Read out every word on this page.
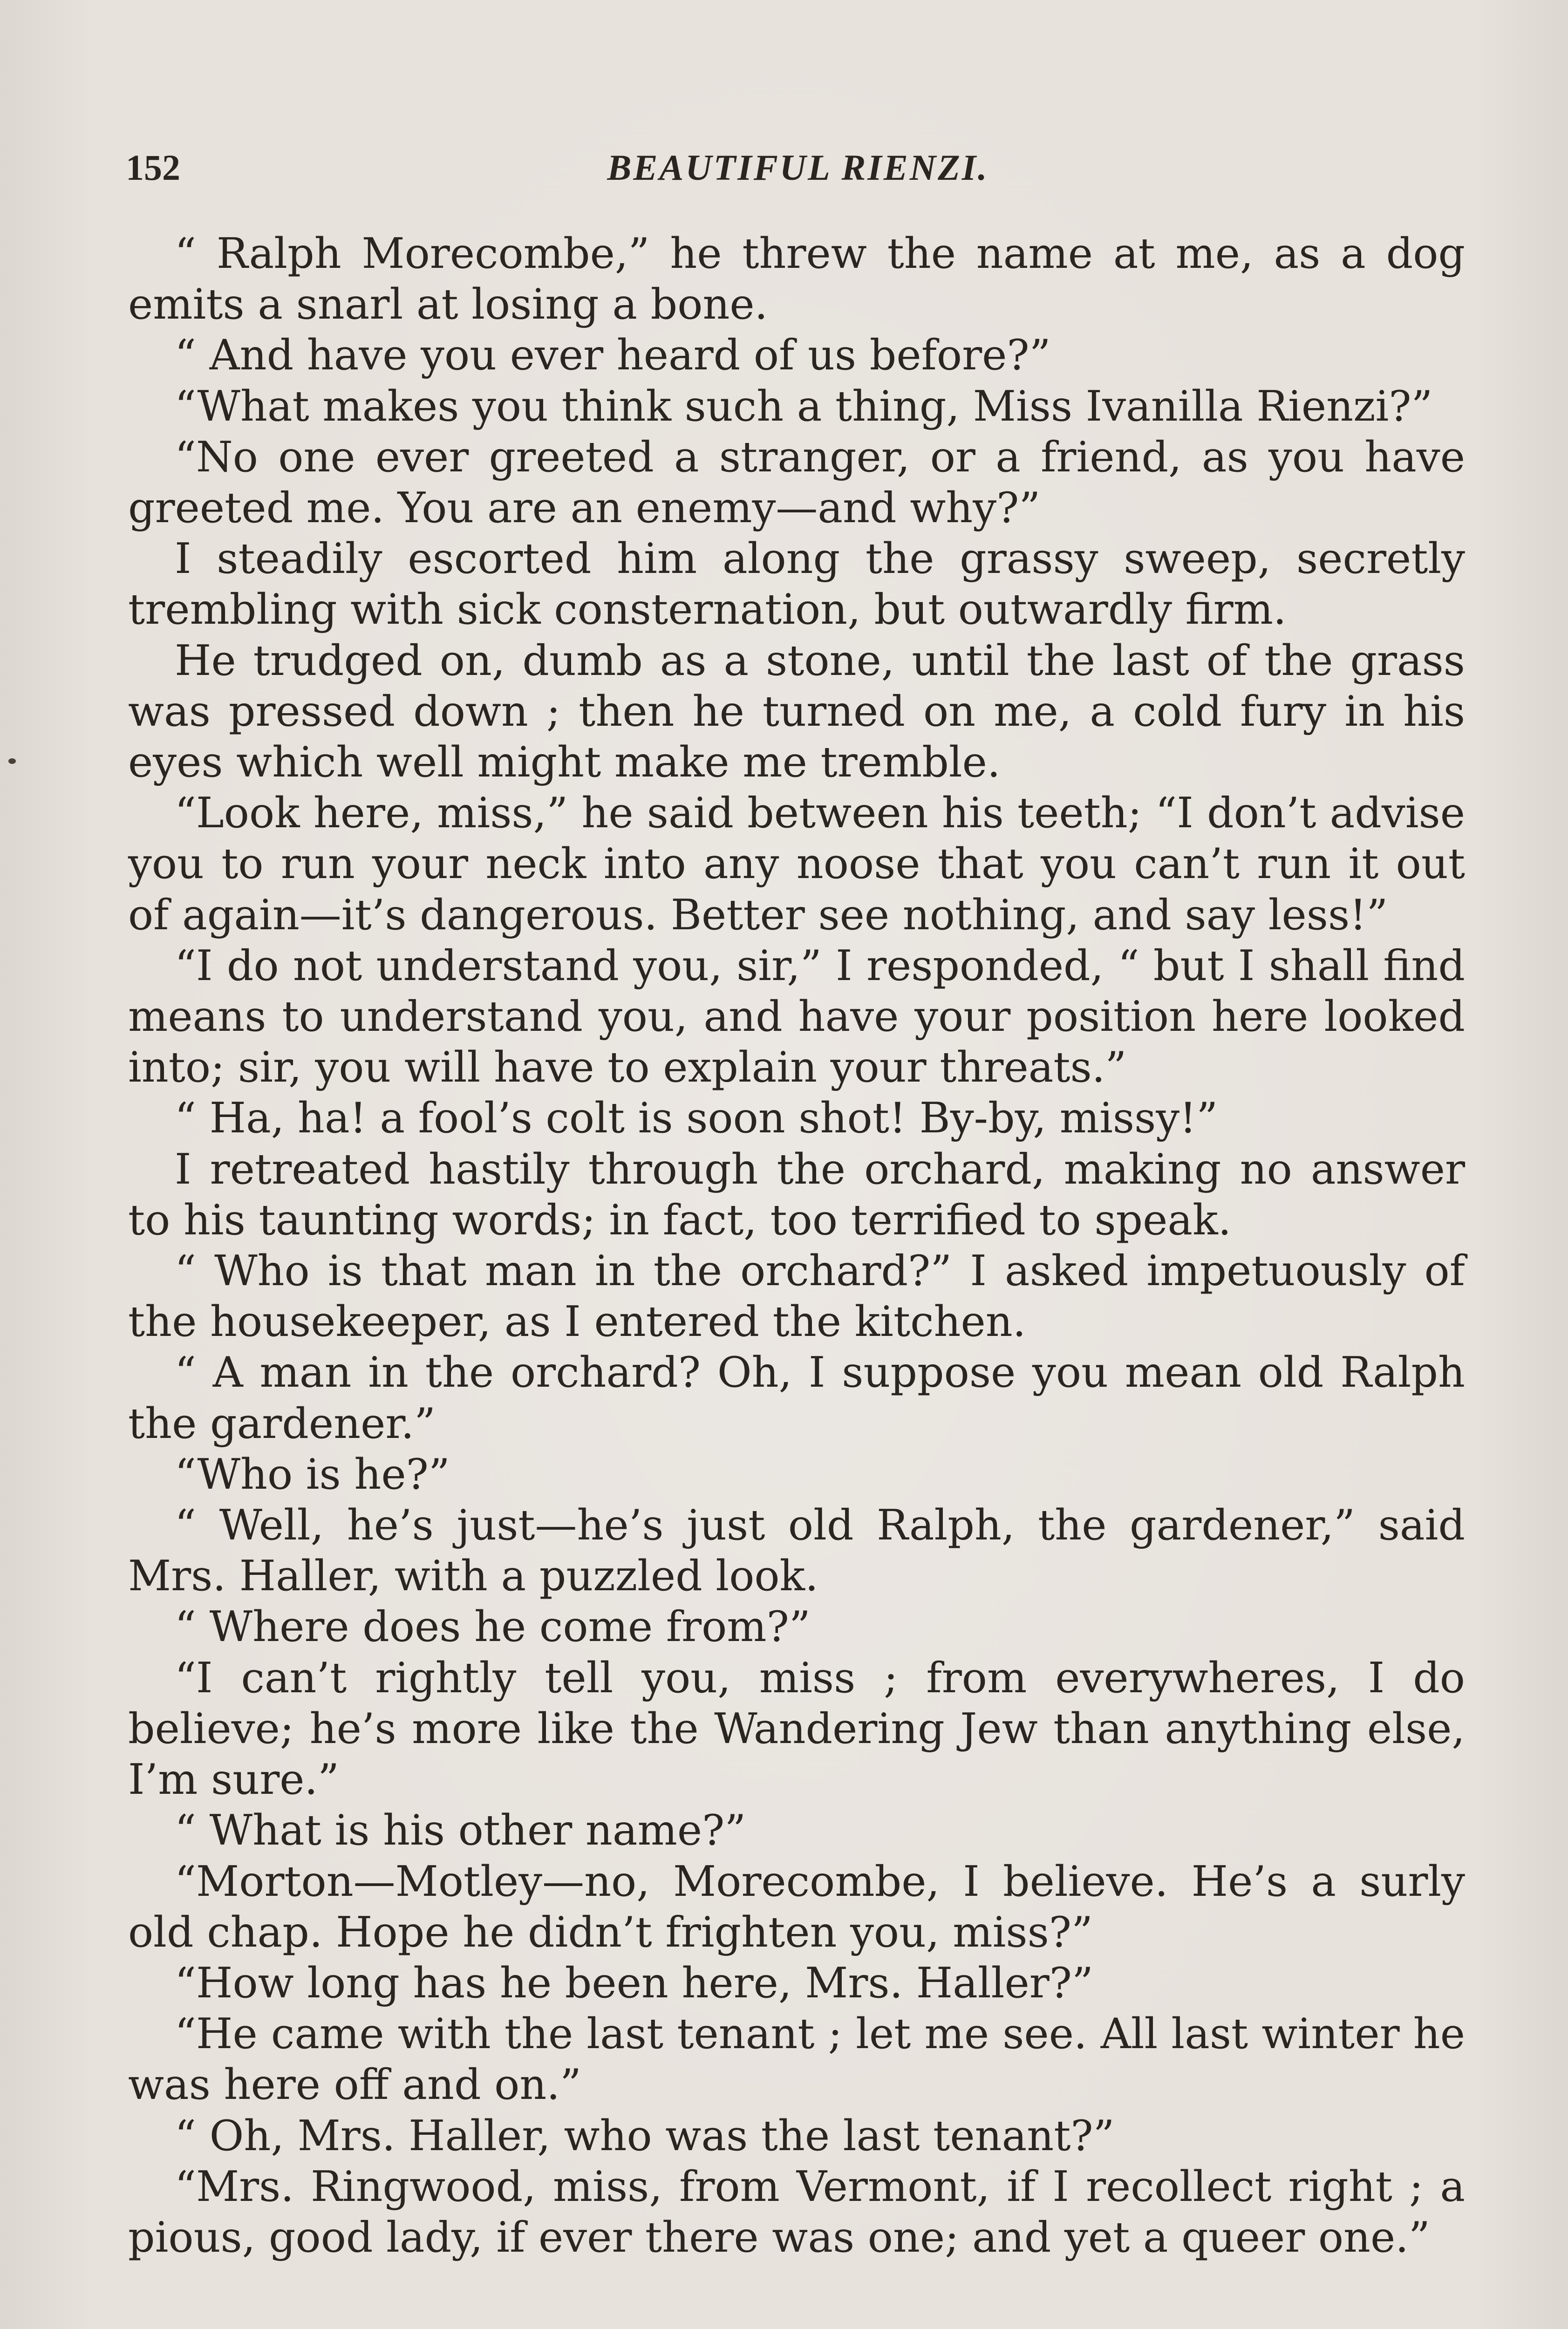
152	BEAUTIFUL RIENZI.

“ Ralph Morecombe,” he threw the name at me, as a dog emits a snarl at losing a bone.

“ And have you ever heard of us before?”

“What makes you think such a thing, Miss Ivanilla Rienzi?”

“No one ever greeted a stranger, or a friend, as you have greeted me. You are an enemy—and why?”

I steadily escorted him along the grassy sweep, secretly trembling with sick consternation, but outwardly firm.

He trudged on, dumb as a stone, until the last of the grass was pressed down ; then he turned on me, a cold fury in his eyes which well might make me tremble.

“Look here, miss,” he said between his teeth; “I don’t advise you to run your neck into any noose that you can’t run it out of again—it’s dangerous. Better see nothing, and say less!”

“I do not understand you, sir,” I responded, “ but I shall find means to understand you, and have your position here looked into; sir, you will have to explain your threats.”

“ Ha, ha! a fool’s colt is soon shot! By-by, missy!”

I retreated hastily through the orchard, making no answer to his taunting words; in fact, too terrified to speak.

“ Who is that man in the orchard?” I asked impetuously of the housekeeper, as I entered the kitchen.

“ A man in the orchard? Oh, I suppose you mean old Ralph the gardener.”

“Who is he?”

“ Well, he’s just—he’s just old Ralph, the gardener,” said Mrs. Haller, with a puzzled look.

“ Where does he come from?”

“I can’t rightly tell you, miss ; from everywheres, I do believe; he’s more like the Wandering Jew than anything else, I’m sure.”

“ What is his other name?”

“Morton—Motley—no, Morecombe, I believe. He’s a surly old chap. Hope he didn’t frighten you, miss?”

“How long has he been here, Mrs. Haller?”

“He came with the last tenant ; let me see. All last winter he was here off and on.”

“ Oh, Mrs. Haller, who was the last tenant?”

“Mrs. Ringwood, miss, from Vermont, if I recollect right ; a pious, good lady, if ever there was one; and yet a queer one.”
